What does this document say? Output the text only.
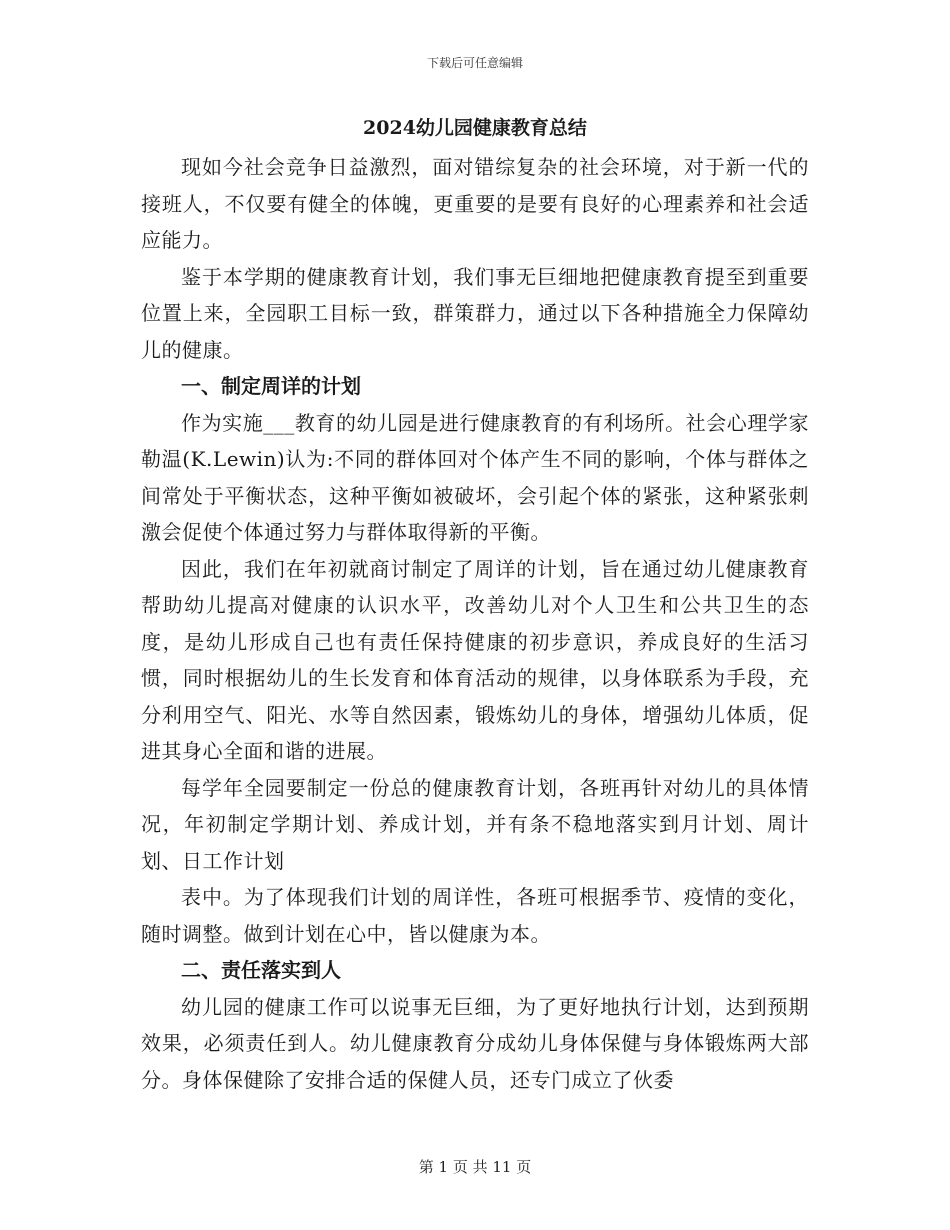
下载后可任意编辑
2024幼儿园健康教育总结

现如今社会竞争日益激烈，面对错综复杂的社会环境，对于新一代的接班人，不仅要有健全的体魄，更重要的是要有良好的心理素养和社会适应能力。

鉴于本学期的健康教育计划，我们事无巨细地把健康教育提至到重要位置上来，全园职工目标一致，群策群力，通过以下各种措施全力保障幼儿的健康。

一、制定周详的计划

作为实施___教育的幼儿园是进行健康教育的有利场所。社会心理学家勒温(K.Lewin)认为:不同的群体回对个体产生不同的影响，个体与群体之间常处于平衡状态，这种平衡如被破坏，会引起个体的紧张，这种紧张刺激会促使个体通过努力与群体取得新的平衡。

因此，我们在年初就商讨制定了周详的计划，旨在通过幼儿健康教育帮助幼儿提高对健康的认识水平，改善幼儿对个人卫生和公共卫生的态度，是幼儿形成自己也有责任保持健康的初步意识，养成良好的生活习惯，同时根据幼儿的生长发育和体育活动的规律，以身体联系为手段，充分利用空气、阳光、水等自然因素，锻炼幼儿的身体，增强幼儿体质，促进其身心全面和谐的进展。

每学年全园要制定一份总的健康教育计划，各班再针对幼儿的具体情况，年初制定学期计划、养成计划，并有条不稳地落实到月计划、周计划、日工作计划

表中。为了体现我们计划的周详性，各班可根据季节、疫情的变化，随时调整。做到计划在心中，皆以健康为本。

二、责任落实到人

幼儿园的健康工作可以说事无巨细，为了更好地执行计划，达到预期效果，必须责任到人。幼儿健康教育分成幼儿身体保健与身体锻炼两大部分。身体保健除了安排合适的保健人员，还专门成立了伙委

第 1 页 共 11 页
